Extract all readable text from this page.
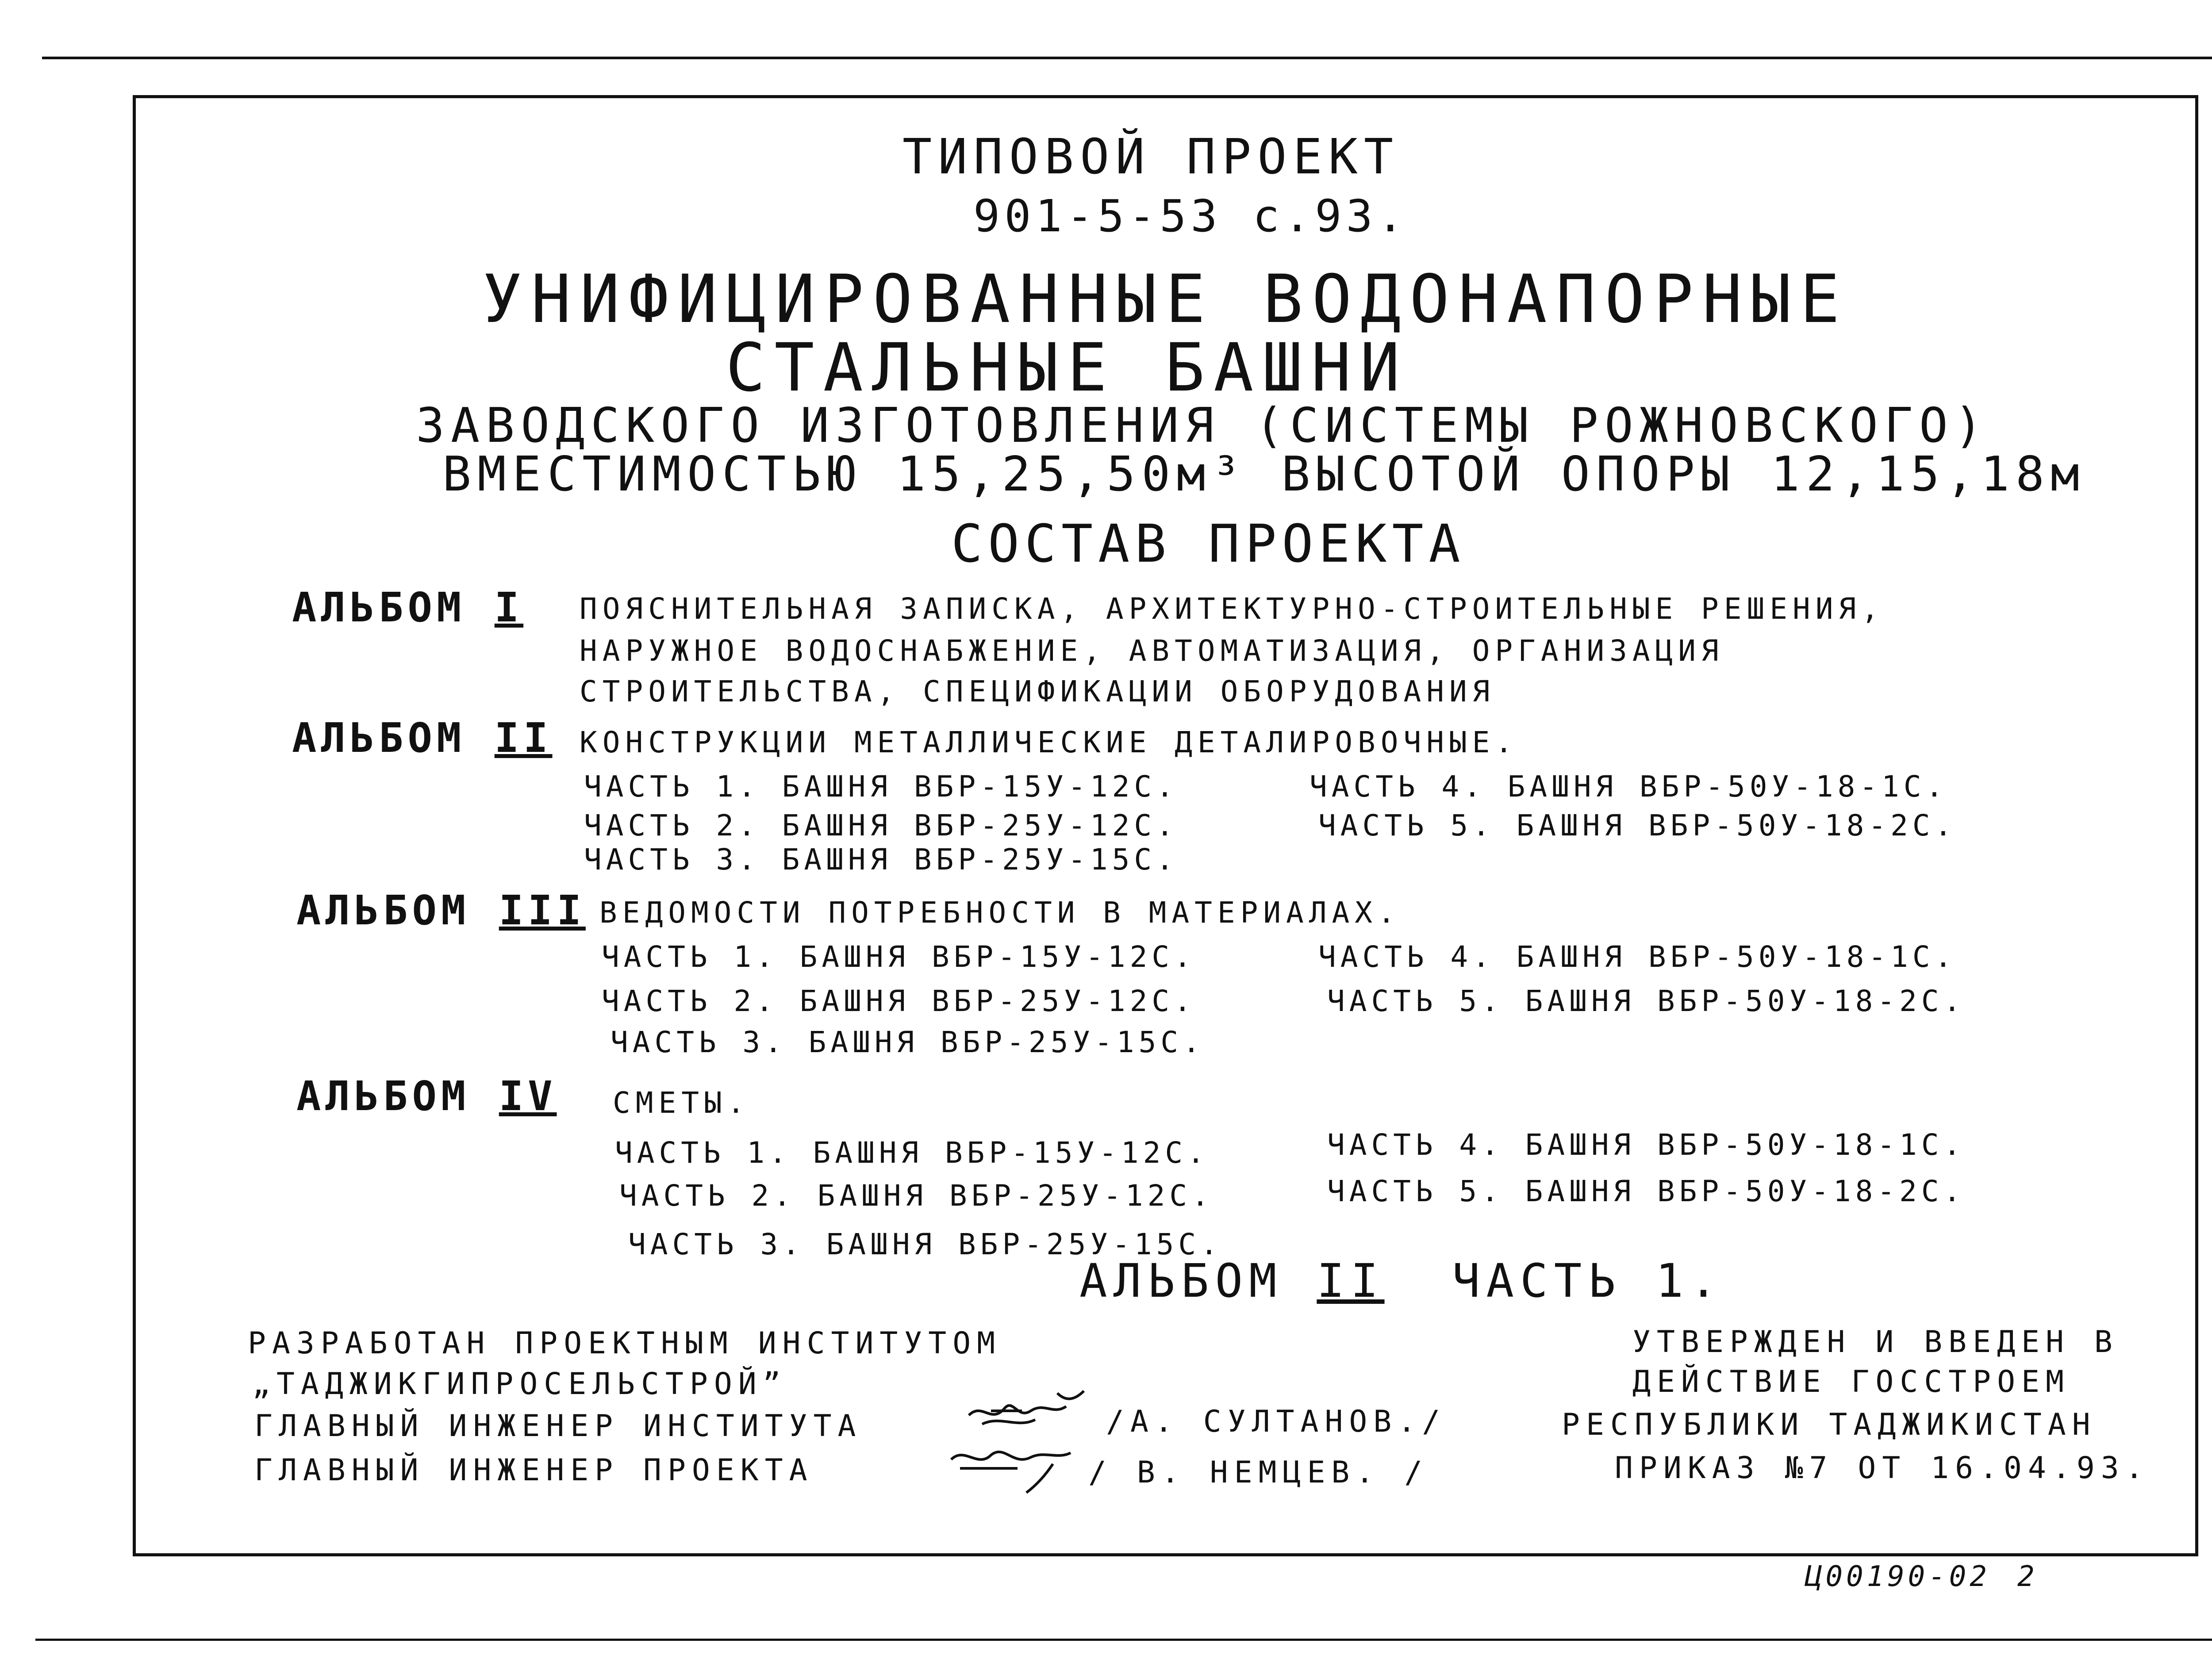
ТИПОВОЙ ПРОЕКТ
901-5-53 с.93.
УНИФИЦИРОВАННЫЕ ВОДОНАПОРНЫЕ
СТАЛЬНЫЕ БАШНИ
ЗАВОДСКОГО ИЗГОТОВЛЕНИЯ (СИСТЕМЫ РОЖНОВСКОГО)
ВМЕСТИМОСТЬЮ 15,25,50м³ ВЫСОТОЙ ОПОРЫ 12,15,18м
СОСТАВ ПРОЕКТА
АЛЬБОМ I ПОЯСНИТЕЛЬНАЯ ЗАПИСКА, АРХИТЕКТУРНО-СТРОИТЕЛЬНЫЕ РЕШЕНИЯ,
НАРУЖНОЕ ВОДОСНАБЖЕНИЕ, АВТОМАТИЗАЦИЯ, ОРГАНИЗАЦИЯ
СТРОИТЕЛЬСТВА, СПЕЦИФИКАЦИИ ОБОРУДОВАНИЯ
АЛЬБОМ II КОНСТРУКЦИИ МЕТАЛЛИЧЕСКИЕ ДЕТАЛИРОВОЧНЫЕ.
ЧАСТЬ 1. БАШНЯ ВБР-15У-12С.
ЧАСТЬ 2. БАШНЯ ВБР-25У-12С.
ЧАСТЬ 3. БАШНЯ ВБР-25У-15С.
ЧАСТЬ 4. БАШНЯ ВБР-50У-18-1С.
ЧАСТЬ 5. БАШНЯ ВБР-50У-18-2С.
АЛЬБОМ III ВЕДОМОСТИ ПОТРЕБНОСТИ В МАТЕРИАЛАХ.
ЧАСТЬ 1. БАШНЯ ВБР-15У-12С.
ЧАСТЬ 2. БАШНЯ ВБР-25У-12С.
ЧАСТЬ 3. БАШНЯ ВБР-25У-15С.
ЧАСТЬ 4. БАШНЯ ВБР-50У-18-1С.
ЧАСТЬ 5. БАШНЯ ВБР-50У-18-2С.
АЛЬБОМ IV СМЕТЫ.
ЧАСТЬ 1. БАШНЯ ВБР-15У-12С.
ЧАСТЬ 2. БАШНЯ ВБР-25У-12С.
ЧАСТЬ 3. БАШНЯ ВБР-25У-15С.
ЧАСТЬ 4. БАШНЯ ВБР-50У-18-1С.
ЧАСТЬ 5. БАШНЯ ВБР-50У-18-2С.
АЛЬБОМ II ЧАСТЬ 1.
РАЗРАБОТАН ПРОЕКТНЫМ ИНСТИТУТОМ
„ТАДЖИКГИПРОСЕЛЬСТРОЙ”
ГЛАВНЫЙ ИНЖЕНЕР ИНСТИТУТА	/А. СУЛТАНОВ./
ГЛАВНЫЙ ИНЖЕНЕР ПРОЕКТА	/ В. НЕМЦЕВ. /
УТВЕРЖДЕН И ВВЕДЕН В
ДЕЙСТВИЕ ГОССТРОЕМ
РЕСПУБЛИКИ ТАДЖИКИСТАН
ПРИКАЗ №7 ОТ 16.04.93.
Ц00190-02 2
